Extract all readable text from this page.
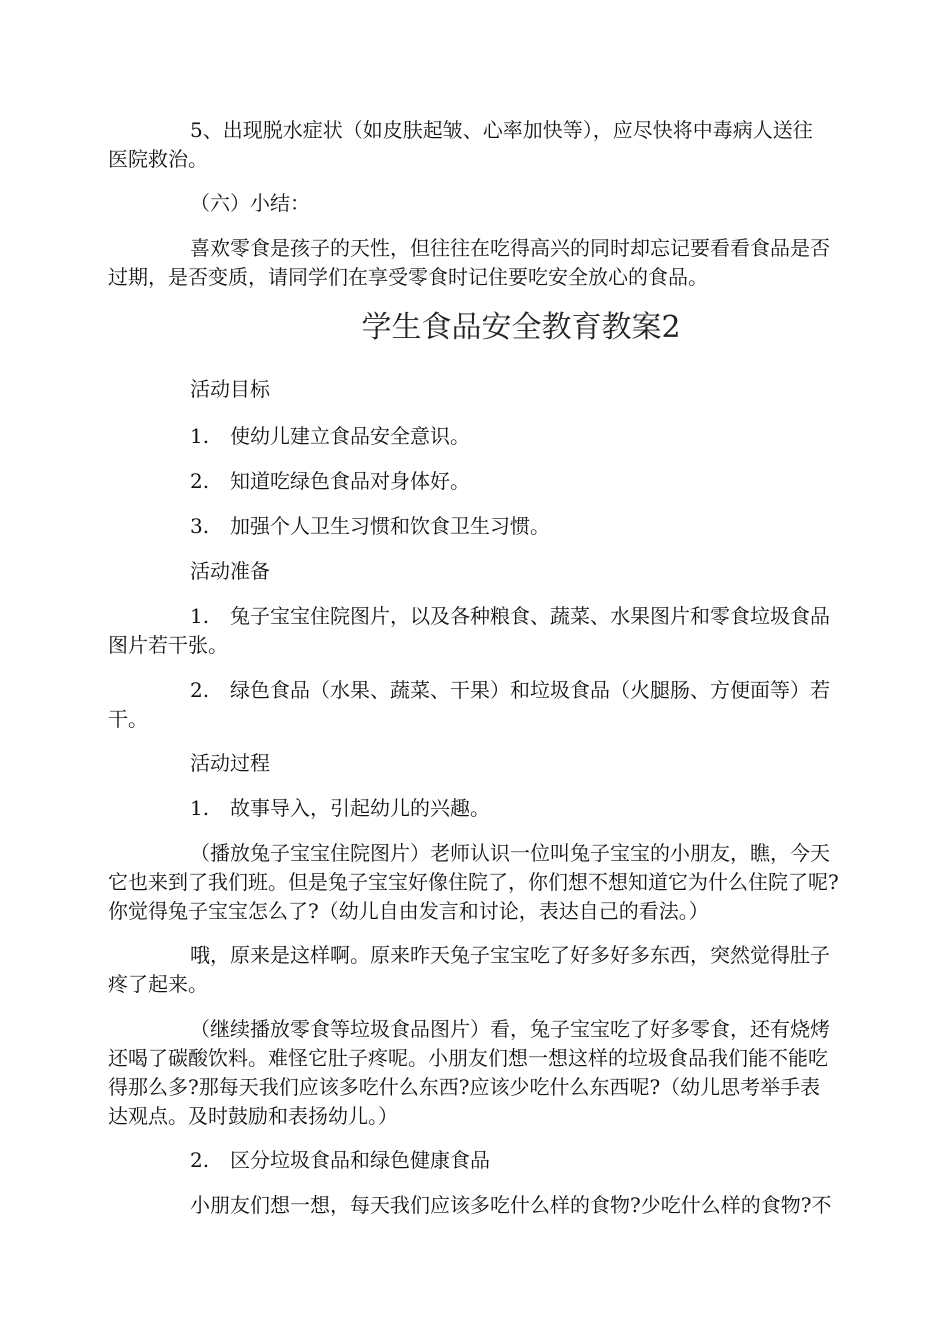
5、出现脱水症状（如皮肤起皱、心率加快等），应尽快将中毒病人送往

医院救治。

（六）小结：

喜欢零食是孩子的天性，但往往在吃得高兴的同时却忘记要看看食品是否

过期，是否变质，请同学们在享受零食时记住要吃安全放心的食品。

学生食品安全教育教案2

活动目标

1. 使幼儿建立食品安全意识。

2. 知道吃绿色食品对身体好。

3. 加强个人卫生习惯和饮食卫生习惯。

活动准备

1. 兔子宝宝住院图片，以及各种粮食、蔬菜、水果图片和零食垃圾食品

图片若干张。

2. 绿色食品（水果、蔬菜、干果）和垃圾食品（火腿肠、方便面等）若

干。

活动过程

1. 故事导入，引起幼儿的兴趣。

（播放兔子宝宝住院图片）老师认识一位叫兔子宝宝的小朋友，瞧，今天

它也来到了我们班。但是兔子宝宝好像住院了，你们想不想知道它为什么住院了呢?

你觉得兔子宝宝怎么了?（幼儿自由发言和讨论，表达自己的看法。）

哦，原来是这样啊。原来昨天兔子宝宝吃了好多好多东西，突然觉得肚子

疼了起来。

（继续播放零食等垃圾食品图片）看，兔子宝宝吃了好多零食，还有烧烤

还喝了碳酸饮料。难怪它肚子疼呢。小朋友们想一想这样的垃圾食品我们能不能吃

得那么多?那每天我们应该多吃什么东西?应该少吃什么东西呢?（幼儿思考举手表

达观点。及时鼓励和表扬幼儿。）

2. 区分垃圾食品和绿色健康食品

小朋友们想一想，每天我们应该多吃什么样的食物?少吃什么样的食物?不
